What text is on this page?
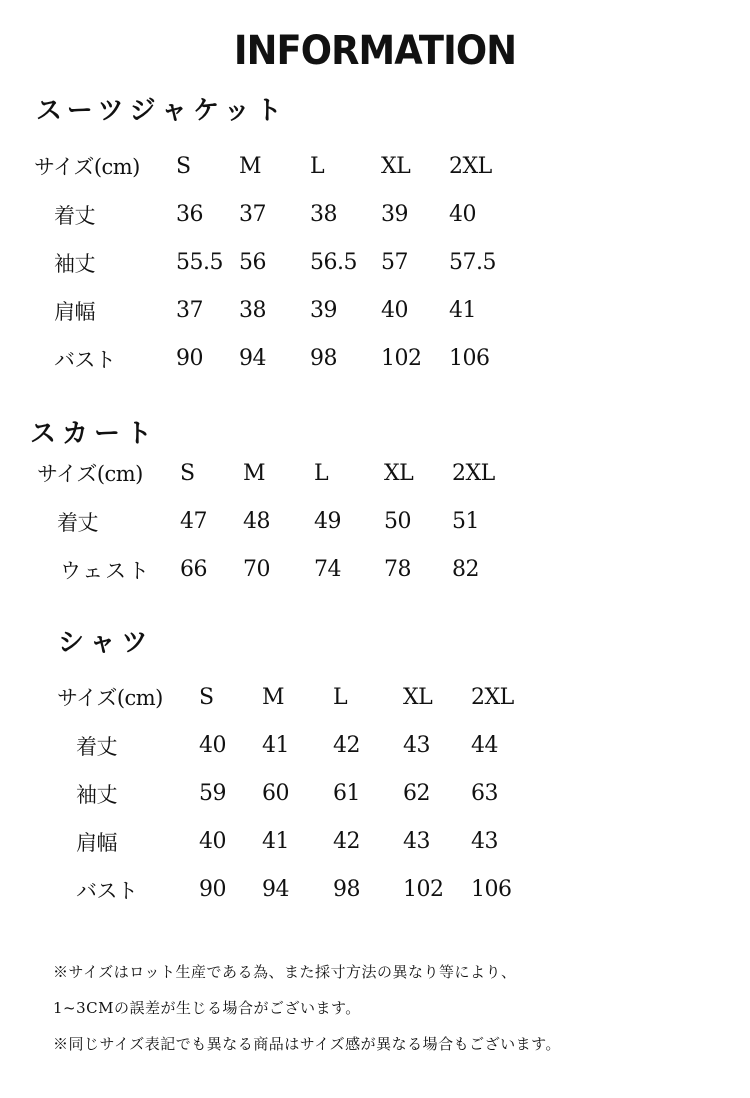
INFORMATION
スーツジャケット
サイズ(cm) S M L	XL 2XL
着丈	36 37 38 39 40
袖丈	55.5 56 56.5 57 57.5
肩幅	37 38 39 40 41
バスト	90 94 98 102 106
スカート
サイズ(cm) S M L	XL 2XL
着丈	47 48 49 50 51
ウェスト 66 70 74 78 82
シャツ
サイズ(cm) S M L	XL 2XL
着丈	40 41 42 43 44
袖丈	59 60 61 62 63
肩幅	40 41 42 43 43
バスト	90 94 98 102 106
※サイズはロット生産である為、また採寸方法の異なり等により、
1~3CMの誤差が生じる場合がございます。
※同じサイズ表記でも異なる商品はサイズ感が異なる場合もございます。
